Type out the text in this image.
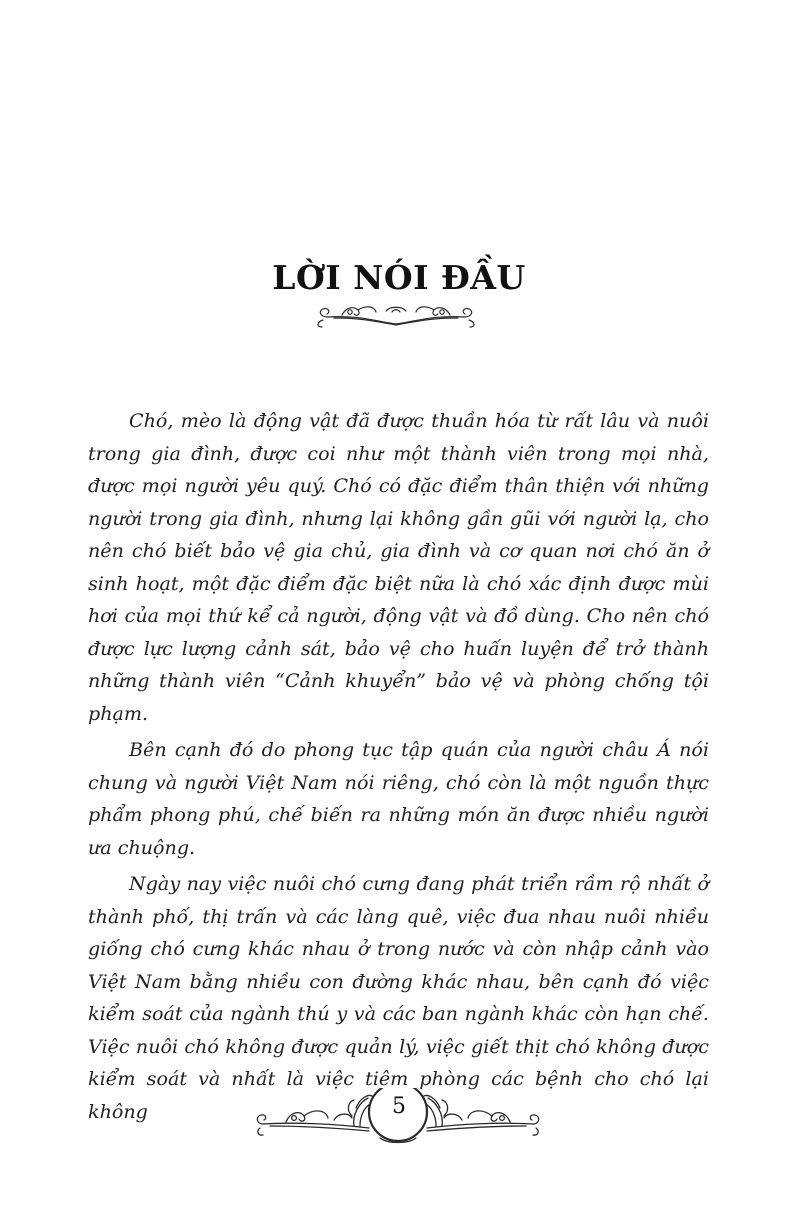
LỜI NÓI ĐẦU

Chó, mèo là động vật đã được thuần hóa từ rất lâu và nuôi trong gia đình, được coi như một thành viên trong mọi nhà, được mọi người yêu quý. Chó có đặc điểm thân thiện với những người trong gia đình, nhưng lại không gần gũi với người lạ, cho nên chó biết bảo vệ gia chủ, gia đình và cơ quan nơi chó ăn ở sinh hoạt, một đặc điểm đặc biệt nữa là chó xác định được mùi hơi của mọi thứ kể cả người, động vật và đồ dùng. Cho nên chó được lực lượng cảnh sát, bảo vệ cho huấn luyện để trở thành những thành viên “Cảnh khuyển” bảo vệ và phòng chống tội phạm.

Bên cạnh đó do phong tục tập quán của người châu Á nói chung và người Việt Nam nói riêng, chó còn là một nguồn thực phẩm phong phú, chế biến ra những món ăn được nhiều người ưa chuộng.

Ngày nay việc nuôi chó cưng đang phát triển rầm rộ nhất ở thành phố, thị trấn và các làng quê, việc đua nhau nuôi nhiều giống chó cưng khác nhau ở trong nước và còn nhập cảnh vào Việt Nam bằng nhiều con đường khác nhau, bên cạnh đó việc kiểm soát của ngành thú y và các ban ngành khác còn hạn chế. Việc nuôi chó không được quản lý, việc giết thịt chó không được kiểm soát và nhất là việc tiêm phòng các bệnh cho chó lại không	5
